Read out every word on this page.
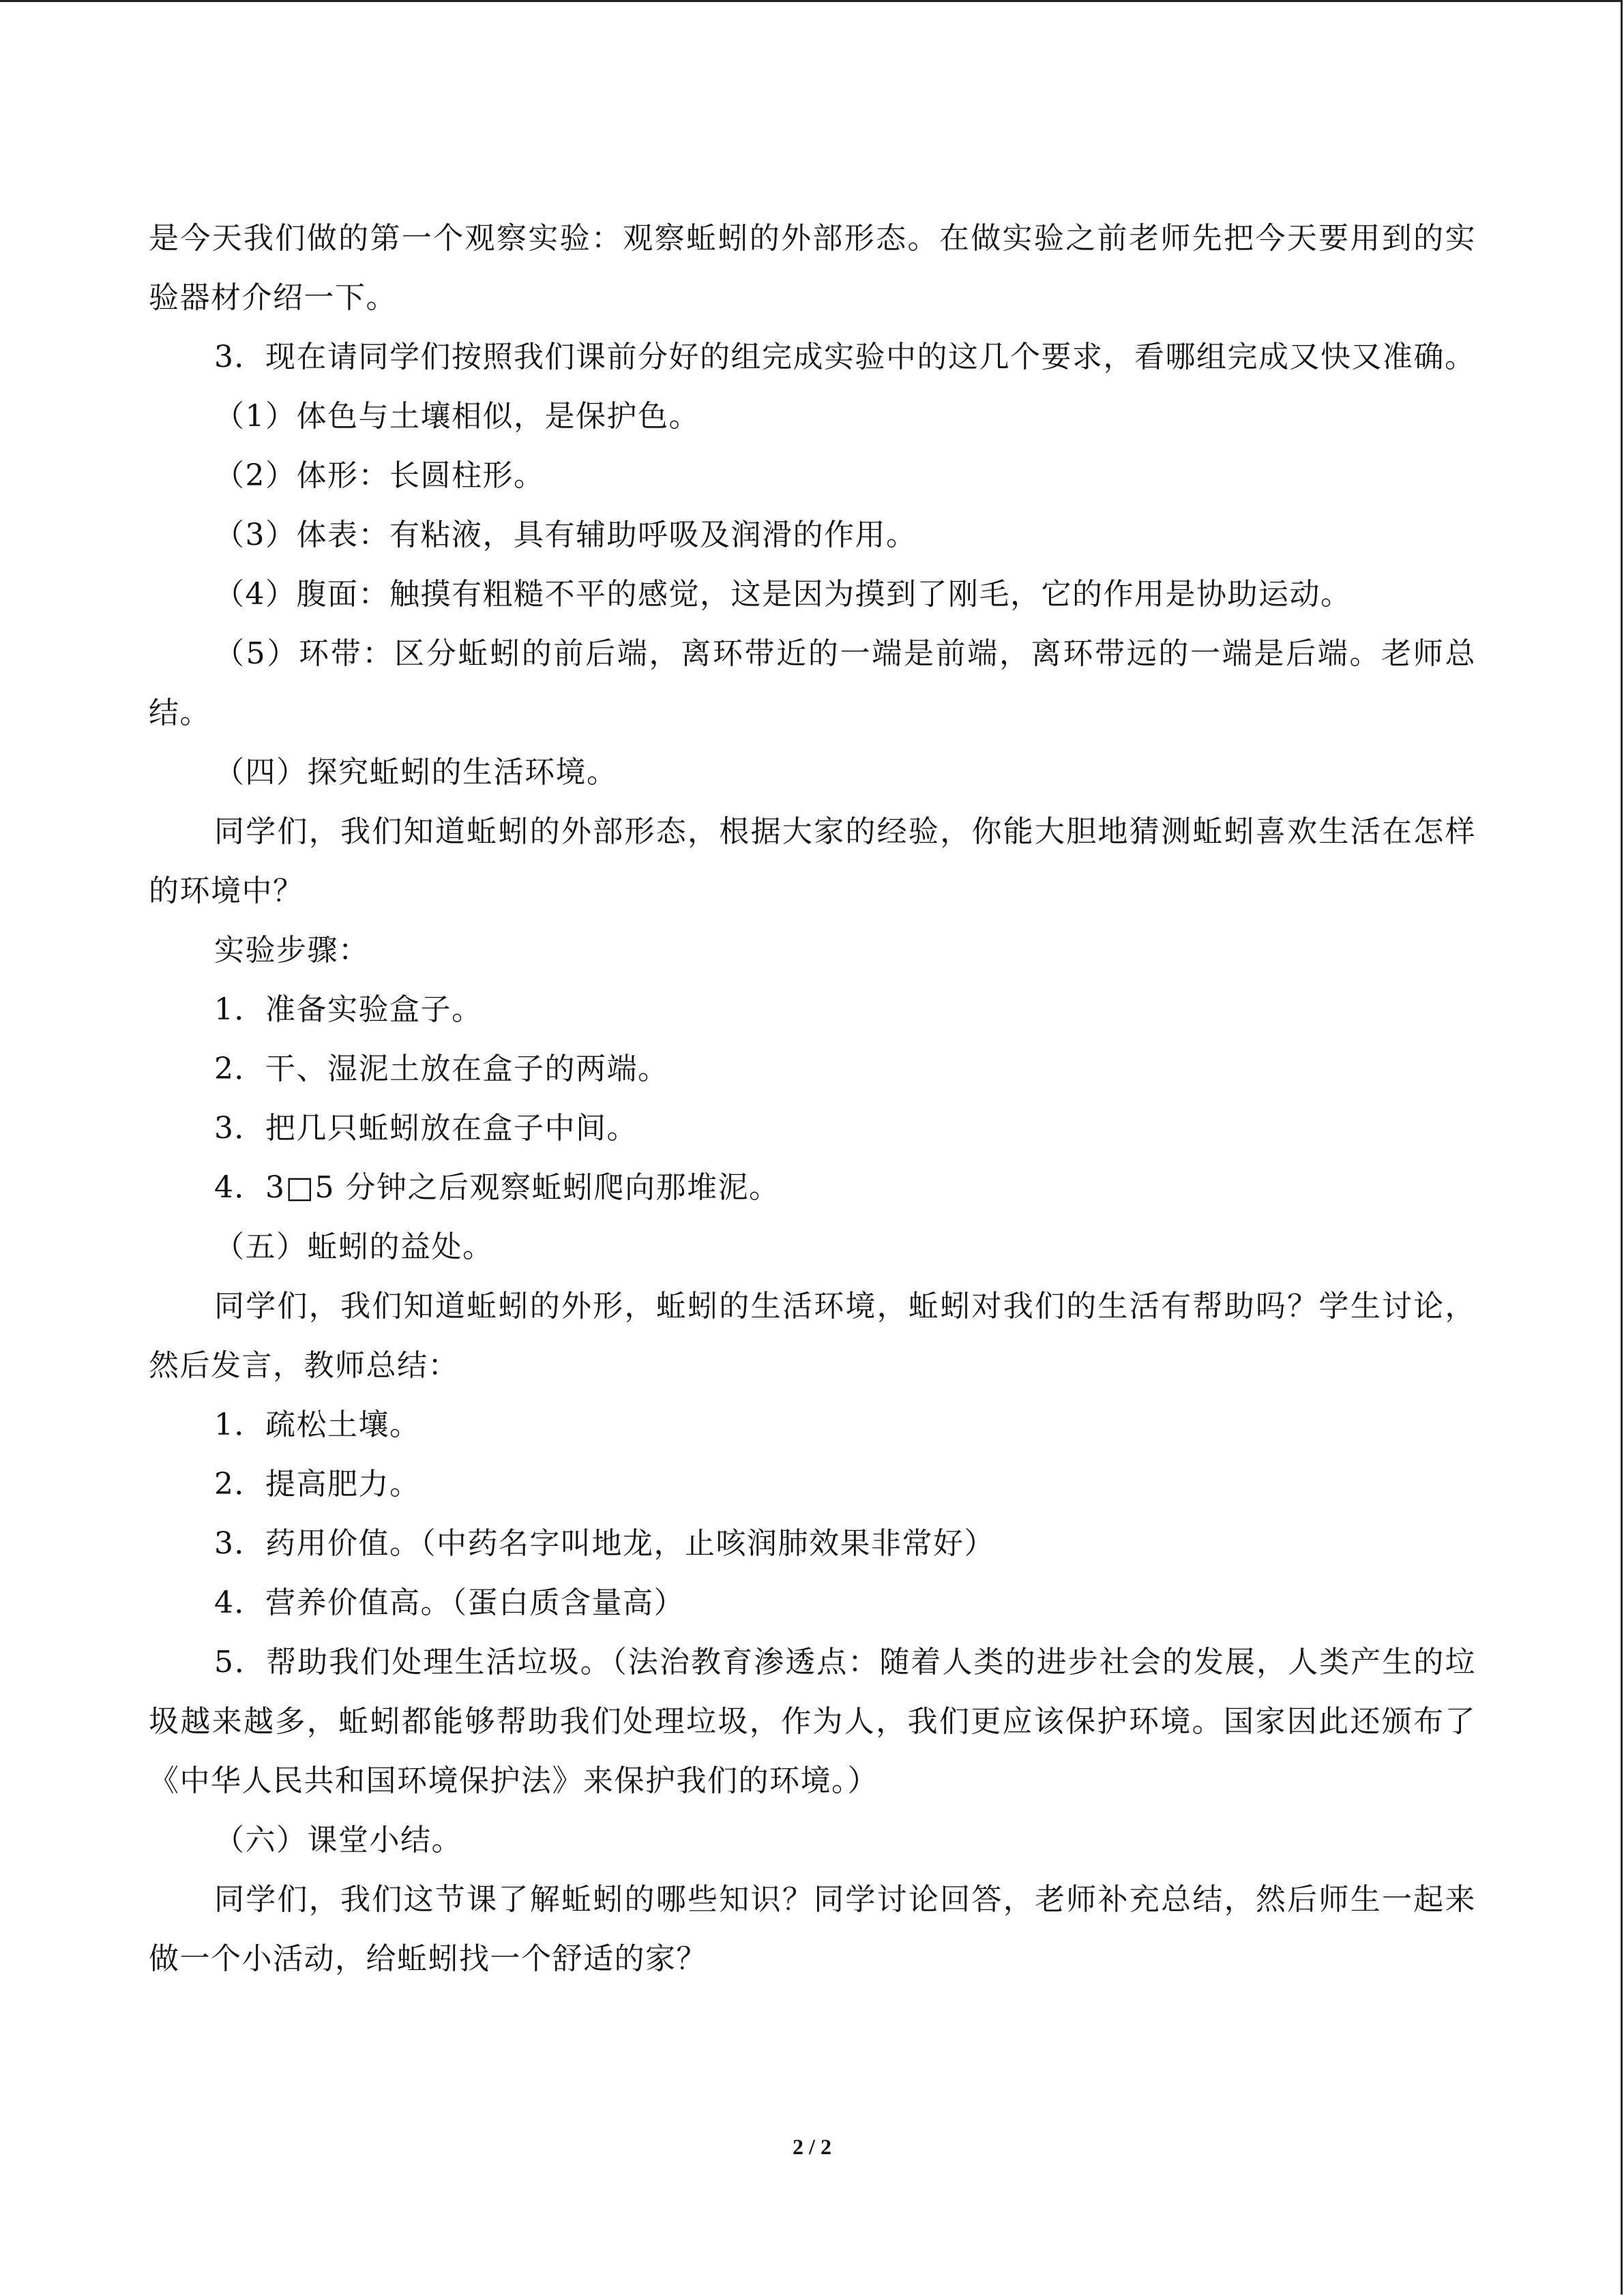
是今天我们做的第一个观察实验：观察蚯蚓的外部形态。在做实验之前老师先把今天要用到的实验器材介绍一下。

3．现在请同学们按照我们课前分好的组完成实验中的这几个要求，看哪组完成又快又准确。

（1）体色与土壤相似，是保护色。

（2）体形：长圆柱形。

（3）体表：有粘液，具有辅助呼吸及润滑的作用。

（4）腹面：触摸有粗糙不平的感觉，这是因为摸到了刚毛，它的作用是协助运动。

（5）环带：区分蚯蚓的前后端，离环带近的一端是前端，离环带远的一端是后端。老师总结。

（四）探究蚯蚓的生活环境。

同学们，我们知道蚯蚓的外部形态，根据大家的经验，你能大胆地猜测蚯蚓喜欢生活在怎样的环境中？

实验步骤：

1．准备实验盒子。

2．干、湿泥土放在盒子的两端。

3．把几只蚯蚓放在盒子中间。

4．3□5 分钟之后观察蚯蚓爬向那堆泥。

（五）蚯蚓的益处。

同学们，我们知道蚯蚓的外形，蚯蚓的生活环境，蚯蚓对我们的生活有帮助吗？学生讨论，然后发言，教师总结：

1．疏松土壤。

2．提高肥力。

3．药用价值。（中药名字叫地龙，止咳润肺效果非常好）

4．营养价值高。（蛋白质含量高）

5．帮助我们处理生活垃圾。（法治教育渗透点：随着人类的进步社会的发展，人类产生的垃圾越来越多，蚯蚓都能够帮助我们处理垃圾，作为人，我们更应该保护环境。国家因此还颁布了《中华人民共和国环境保护法》来保护我们的环境。）

（六）课堂小结。

同学们，我们这节课了解蚯蚓的哪些知识？同学讨论回答，老师补充总结，然后师生一起来做一个小活动，给蚯蚓找一个舒适的家？

2 / 2
